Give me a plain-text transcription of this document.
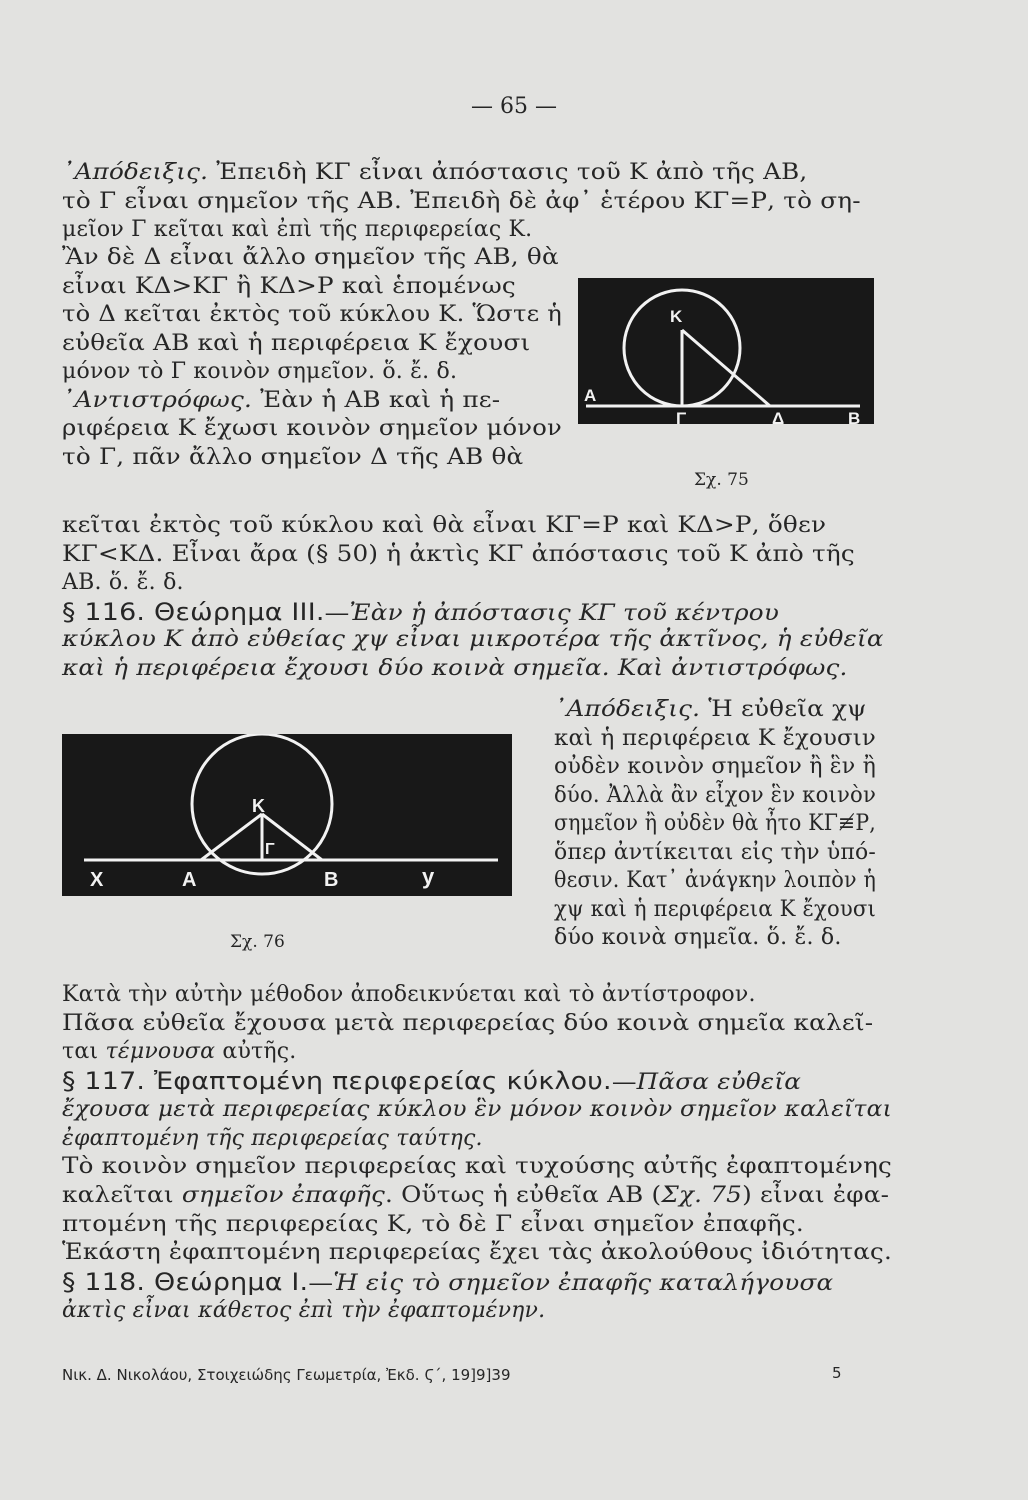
— 65 —
᾿Απόδειξις. Ἐπειδὴ ΚΓ εἶναι ἀπόστασις τοῦ Κ ἀπὸ τῆς ΑΒ,
τὸ Γ εἶναι σημεῖον τῆς ΑΒ. Ἐπειδὴ δὲ ἀφ᾿ ἑτέρου ΚΓ=Ρ, τὸ ση-
μεῖον Γ κεῖται καὶ ἐπὶ τῆς περιφερείας Κ.
Ἂν δὲ Δ εἶναι ἄλλο σημεῖον τῆς ΑΒ, θὰ
εἶναι ΚΔ>ΚΓ ἢ ΚΔ>Ρ καὶ ἑπομένως
τὸ Δ κεῖται ἐκτὸς τοῦ κύκλου Κ. Ὥστε ἡ
εὐθεῖα ΑΒ καὶ ἡ περιφέρεια Κ ἔχουσι
μόνον τὸ Γ κοινὸν σημεῖον. ὅ. ἔ. δ.
᾿Αντιστρόφως. Ἐὰν ἡ ΑΒ καὶ ἡ πε-
ριφέρεια Κ ἔχωσι κοινὸν σημεῖον μόνον
τὸ Γ, πᾶν ἄλλο σημεῖον Δ τῆς ΑΒ θὰ
κεῖται ἐκτὸς τοῦ κύκλου καὶ θὰ εἶναι ΚΓ=Ρ καὶ ΚΔ>Ρ, ὅθεν
ΚΓ<ΚΔ. Εἶναι ἄρα (§ 50) ἡ ἀκτὶς ΚΓ ἀπόστασις τοῦ Κ ἀπὸ τῆς
ΑΒ. ὅ. ἔ. δ.
§ 116. Θεώρημα III.—Ἐὰν ἡ ἀπόστασις ΚΓ τοῦ κέντρου
κύκλου Κ ἀπὸ εὐθείας χψ εἶναι μικροτέρα τῆς ἀκτῖνος, ἡ εὐθεῖα
καὶ ἡ περιφέρεια ἔχουσι δύο κοινὰ σημεῖα. Καὶ ἀντιστρόφως.
᾿Απόδειξις. Ἡ εὐθεῖα χψ
καὶ ἡ περιφέρεια Κ ἔχουσιν
οὐδὲν κοινὸν σημεῖον ἢ ἓν ἢ
δύο. Ἀλλὰ ἂν εἶχον ἓν κοινὸν
σημεῖον ἢ οὐδὲν θὰ ἦτο ΚΓ≢Ρ,
ὅπερ ἀντίκειται εἰς τὴν ὑπό-
θεσιν. Κατ᾿ ἀνάγκην λοιπὸν ἡ
χψ καὶ ἡ περιφέρεια Κ ἔχουσι
δύο κοινὰ σημεῖα. ὅ. ἔ. δ.
Κατὰ τὴν αὐτὴν μέθοδον ἀποδεικνύεται καὶ τὸ ἀντίστροφον.
Πᾶσα εὐθεῖα ἔχουσα μετὰ περιφερείας δύο κοινὰ σημεῖα καλεῖ-
ται τέμνουσα αὐτῆς.
§ 117. Ἐφαπτομένη περιφερείας κύκλου.—Πᾶσα εὐθεῖα
ἔχουσα μετὰ περιφερείας κύκλου ἓν μόνον κοινὸν σημεῖον καλεῖται
ἐφαπτομένη τῆς περιφερείας ταύτης.
Τὸ κοινὸν σημεῖον περιφερείας καὶ τυχούσης αὐτῆς ἐφαπτομένης
καλεῖται σημεῖον ἐπαφῆς. Οὕτως ἡ εὐθεῖα ΑΒ (Σχ. 75) εἶναι ἐφα-
πτομένη τῆς περιφερείας Κ, τὸ δὲ Γ εἶναι σημεῖον ἐπαφῆς.
Ἑκάστη ἐφαπτομένη περιφερείας ἔχει τὰς ἀκολούθους ἰδιότητας.
§ 118. Θεώρημα I.—Ἡ εἰς τὸ σημεῖον ἐπαφῆς καταλήγουσα
ἀκτὶς εἶναι κάθετος ἐπὶ τὴν ἐφαπτομένην.
K
A
Γ	Δ	B
Σχ. 75
K
Γ
X	A	B	y
Σχ. 76
Νικ. Δ. Νικολάου, Στοιχειώδης Γεωμετρία, Ἐκδ. Ϛ΄, 19]9]39	5
